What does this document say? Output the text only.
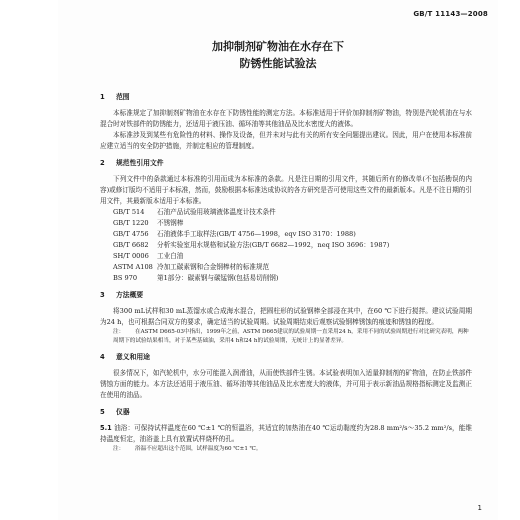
GB/T 11143—2008
加抑制剂矿物油在水存在下
防锈性能试验法
1 范围

本标准规定了加抑制剂矿物油在水存在下防锈性能的测定方法。本标准适用于评价加抑制剂矿物油，特别是汽轮机油在与水混合时对铁部件的防锈能力，还适用于液压油、循环油等其他油品及比水密度大的液体。

本标准涉及到某些有危险性的材料、操作及设备，但并未对与此有关的所有安全问题提出建议。因此，用户在使用本标准前应建立适当的安全防护措施，并制定相应的管理制度。

2 规范性引用文件

下列文件中的条款通过本标准的引用而成为本标准的条款。凡是注日期的引用文件，其随后所有的修改单(不包括勘误的内容)或修订版均不适用于本标准，然而，鼓励根据本标准达成协议的各方研究是否可使用这些文件的最新版本。凡是不注日期的引用文件，其最新版本适用于本标准。

GB/T 514 石油产品试验用玻璃液体温度计技术条件
GB/T 1220 不锈钢棒
GB/T 4756 石油液体手工取样法(GB/T 4756—1998，eqv ISO 3170：1988)
GB/T 6682 分析实验室用水规格和试验方法(GB/T 6682—1992，neq ISO 3696：1987)
SH/T 0006 工业白油
ASTM A108 冷加工碳素钢和合金钢棒材的标准规范
BS 970	第1部分：碳素钢与碳锰钢(包括易切削钢)
3 方法概要

将300 mL试样和30 mL蒸馏水或合成海水混合，把圆柱形的试验钢棒全部浸在其中，在60 ℃下进行搅拌。建议试验周期为24 h，也可根据合同双方的要求，确定适当的试验周期。试验周期结束后观察试验钢棒锈蚀的痕迹和锈蚀的程度。

注： 在ASTM D665-03中指出，1999年之前，ASTM D665建议的试验周期一直采用24 h，采用不同的试验周期进行对比研究表明，两种周期下的试验结果相当，对于某些基础油，采用4 h和24 h的试验周期，无统计上的显著差异。

4 意义和用途

很多情况下，如汽轮机中，水分可能混入润滑油，从而使铁部件生锈。本试验表明加入适量抑制剂的矿物油，在防止铁部件锈蚀方面的能力。本方法还适用于液压油、循环油等其他油品及比水密度大的液体，并可用于表示新油品规格指标测定及监测正在使用的油品。

5 仪器

5.1 油浴：可保持试样温度在60 ℃±1 ℃的恒温浴，其适宜的加热油在40 ℃运动黏度约为28.8 mm²/s～35.2 mm²/s，能维持温度恒定，油浴盖上具有放置试样烧杯的孔。

注： 浴温不应超出这个范围，试样温度为60 ℃±1 ℃。

1
